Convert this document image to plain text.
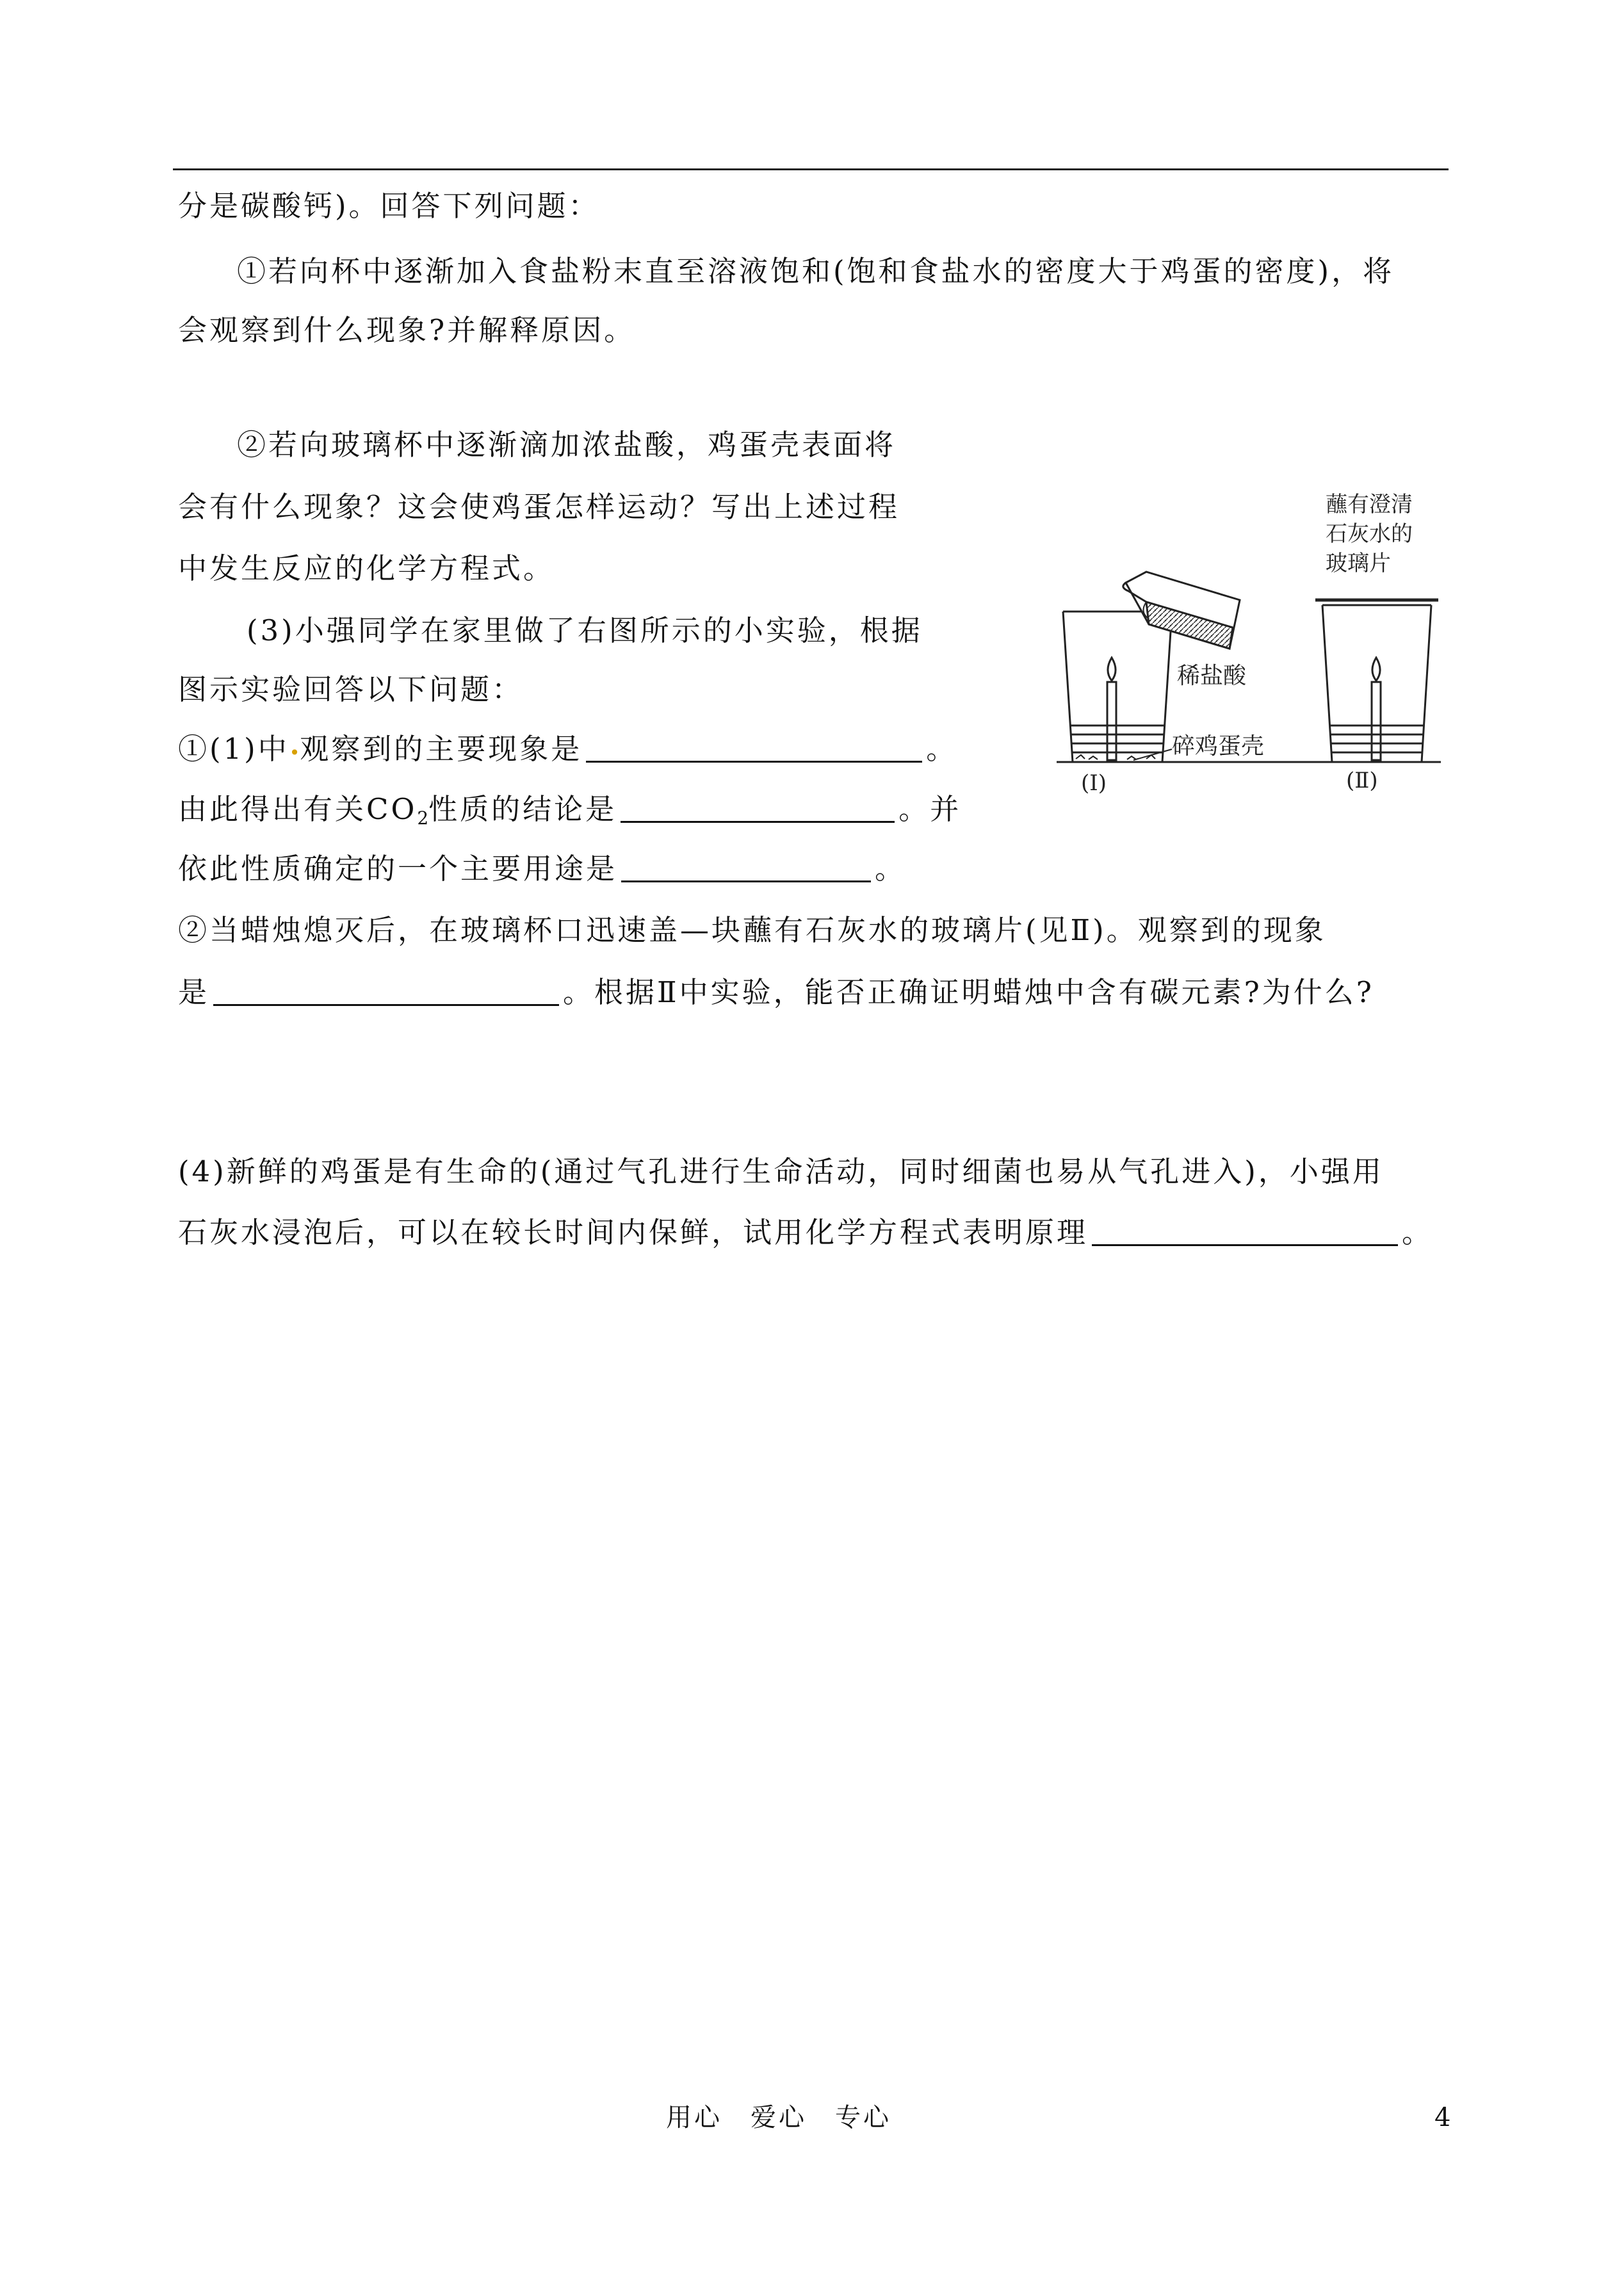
分是碳酸钙)。回答下列问题：
①若向杯中逐渐加入食盐粉末直至溶液饱和(饱和食盐水的密度大于鸡蛋的密度)，将
会观察到什么现象?并解释原因。
②若向玻璃杯中逐渐滴加浓盐酸，鸡蛋壳表面将
会有什么现象？这会使鸡蛋怎样运动？写出上述过程
中发生反应的化学方程式。
(3)小强同学在家里做了右图所示的小实验，根据
图示实验回答以下问题：
①(1)中•观察到的主要现象是	。
由此得出有关$CO_2$性质的结论是	。并
依此性质确定的一个主要用途是	。
②当蜡烛熄灭后，在玻璃杯口迅速盖—块蘸有石灰水的玻璃片(见Ⅱ)。观察到的现象
是	。根据Ⅱ中实验，能否正确证明蜡烛中含有碳元素?为什么?
(4)新鲜的鸡蛋是有生命的(通过气孔进行生命活动，同时细菌也易从气孔进入)，小强用
石灰水浸泡后，可以在较长时间内保鲜，试用化学方程式表明原理	。
稀盐酸
碎鸡蛋壳
蘸有澄清
石灰水的
玻璃片
(Ⅰ)	(Ⅱ)
用心　爱心　专心	4
